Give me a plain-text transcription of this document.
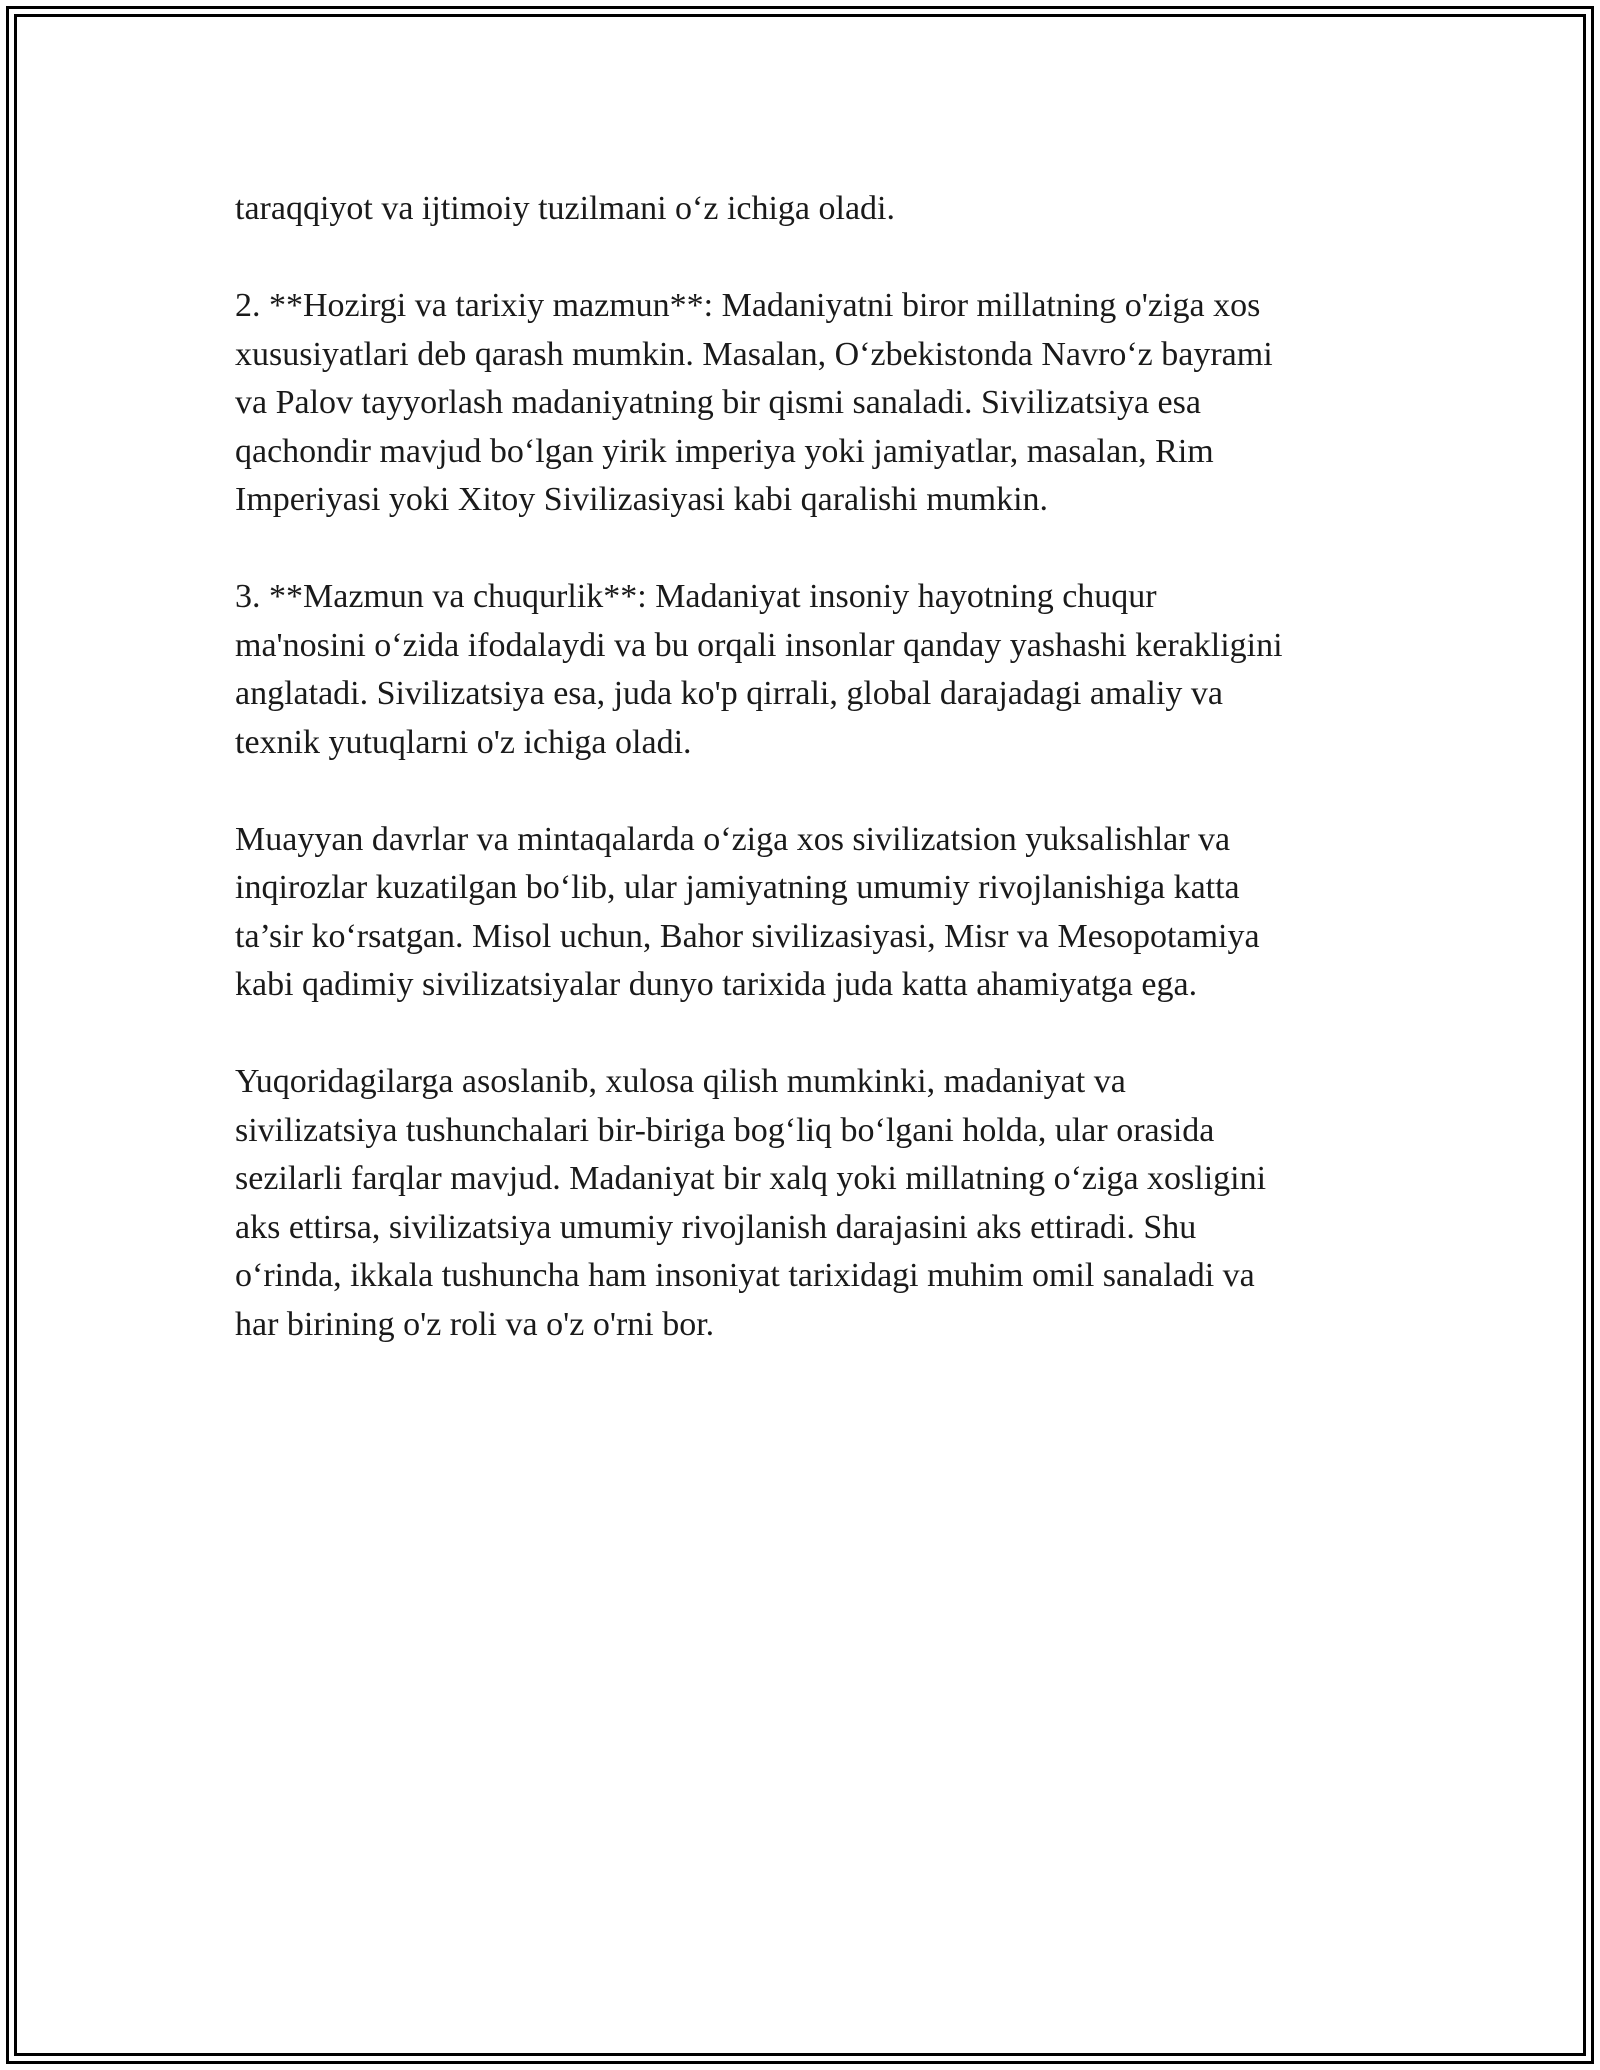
taraqqiyot va ijtimoiy tuzilmani o‘z ichiga oladi.

2. **Hozirgi va tarixiy mazmun**: Madaniyatni biror millatning o'ziga xos
xususiyatlari deb qarash mumkin. Masalan, O‘zbekistonda Navro‘z bayrami
va Palov tayyorlash madaniyatning bir qismi sanaladi. Sivilizatsiya esa
qachondir mavjud bo‘lgan yirik imperiya yoki jamiyatlar, masalan, Rim
Imperiyasi yoki Xitoy Sivilizasiyasi kabi qaralishi mumkin.

3. **Mazmun va chuqurlik**: Madaniyat insoniy hayotning chuqur
ma'nosini o‘zida ifodalaydi va bu orqali insonlar qanday yashashi kerakligini
anglatadi. Sivilizatsiya esa, juda ko'p qirrali, global darajadagi amaliy va
texnik yutuqlarni o'z ichiga oladi.

Muayyan davrlar va mintaqalarda o‘ziga xos sivilizatsion yuksalishlar va
inqirozlar kuzatilgan bo‘lib, ular jamiyatning umumiy rivojlanishiga katta
ta’sir ko‘rsatgan. Misol uchun, Bahor sivilizasiyasi, Misr va Mesopotamiya
kabi qadimiy sivilizatsiyalar dunyo tarixida juda katta ahamiyatga ega.

Yuqoridagilarga asoslanib, xulosa qilish mumkinki, madaniyat va
sivilizatsiya tushunchalari bir-biriga bog‘liq bo‘lgani holda, ular orasida
sezilarli farqlar mavjud. Madaniyat bir xalq yoki millatning o‘ziga xosligini
aks ettirsa, sivilizatsiya umumiy rivojlanish darajasini aks ettiradi. Shu
o‘rinda, ikkala tushuncha ham insoniyat tarixidagi muhim omil sanaladi va
har birining o'z roli va o'z o'rni bor.
